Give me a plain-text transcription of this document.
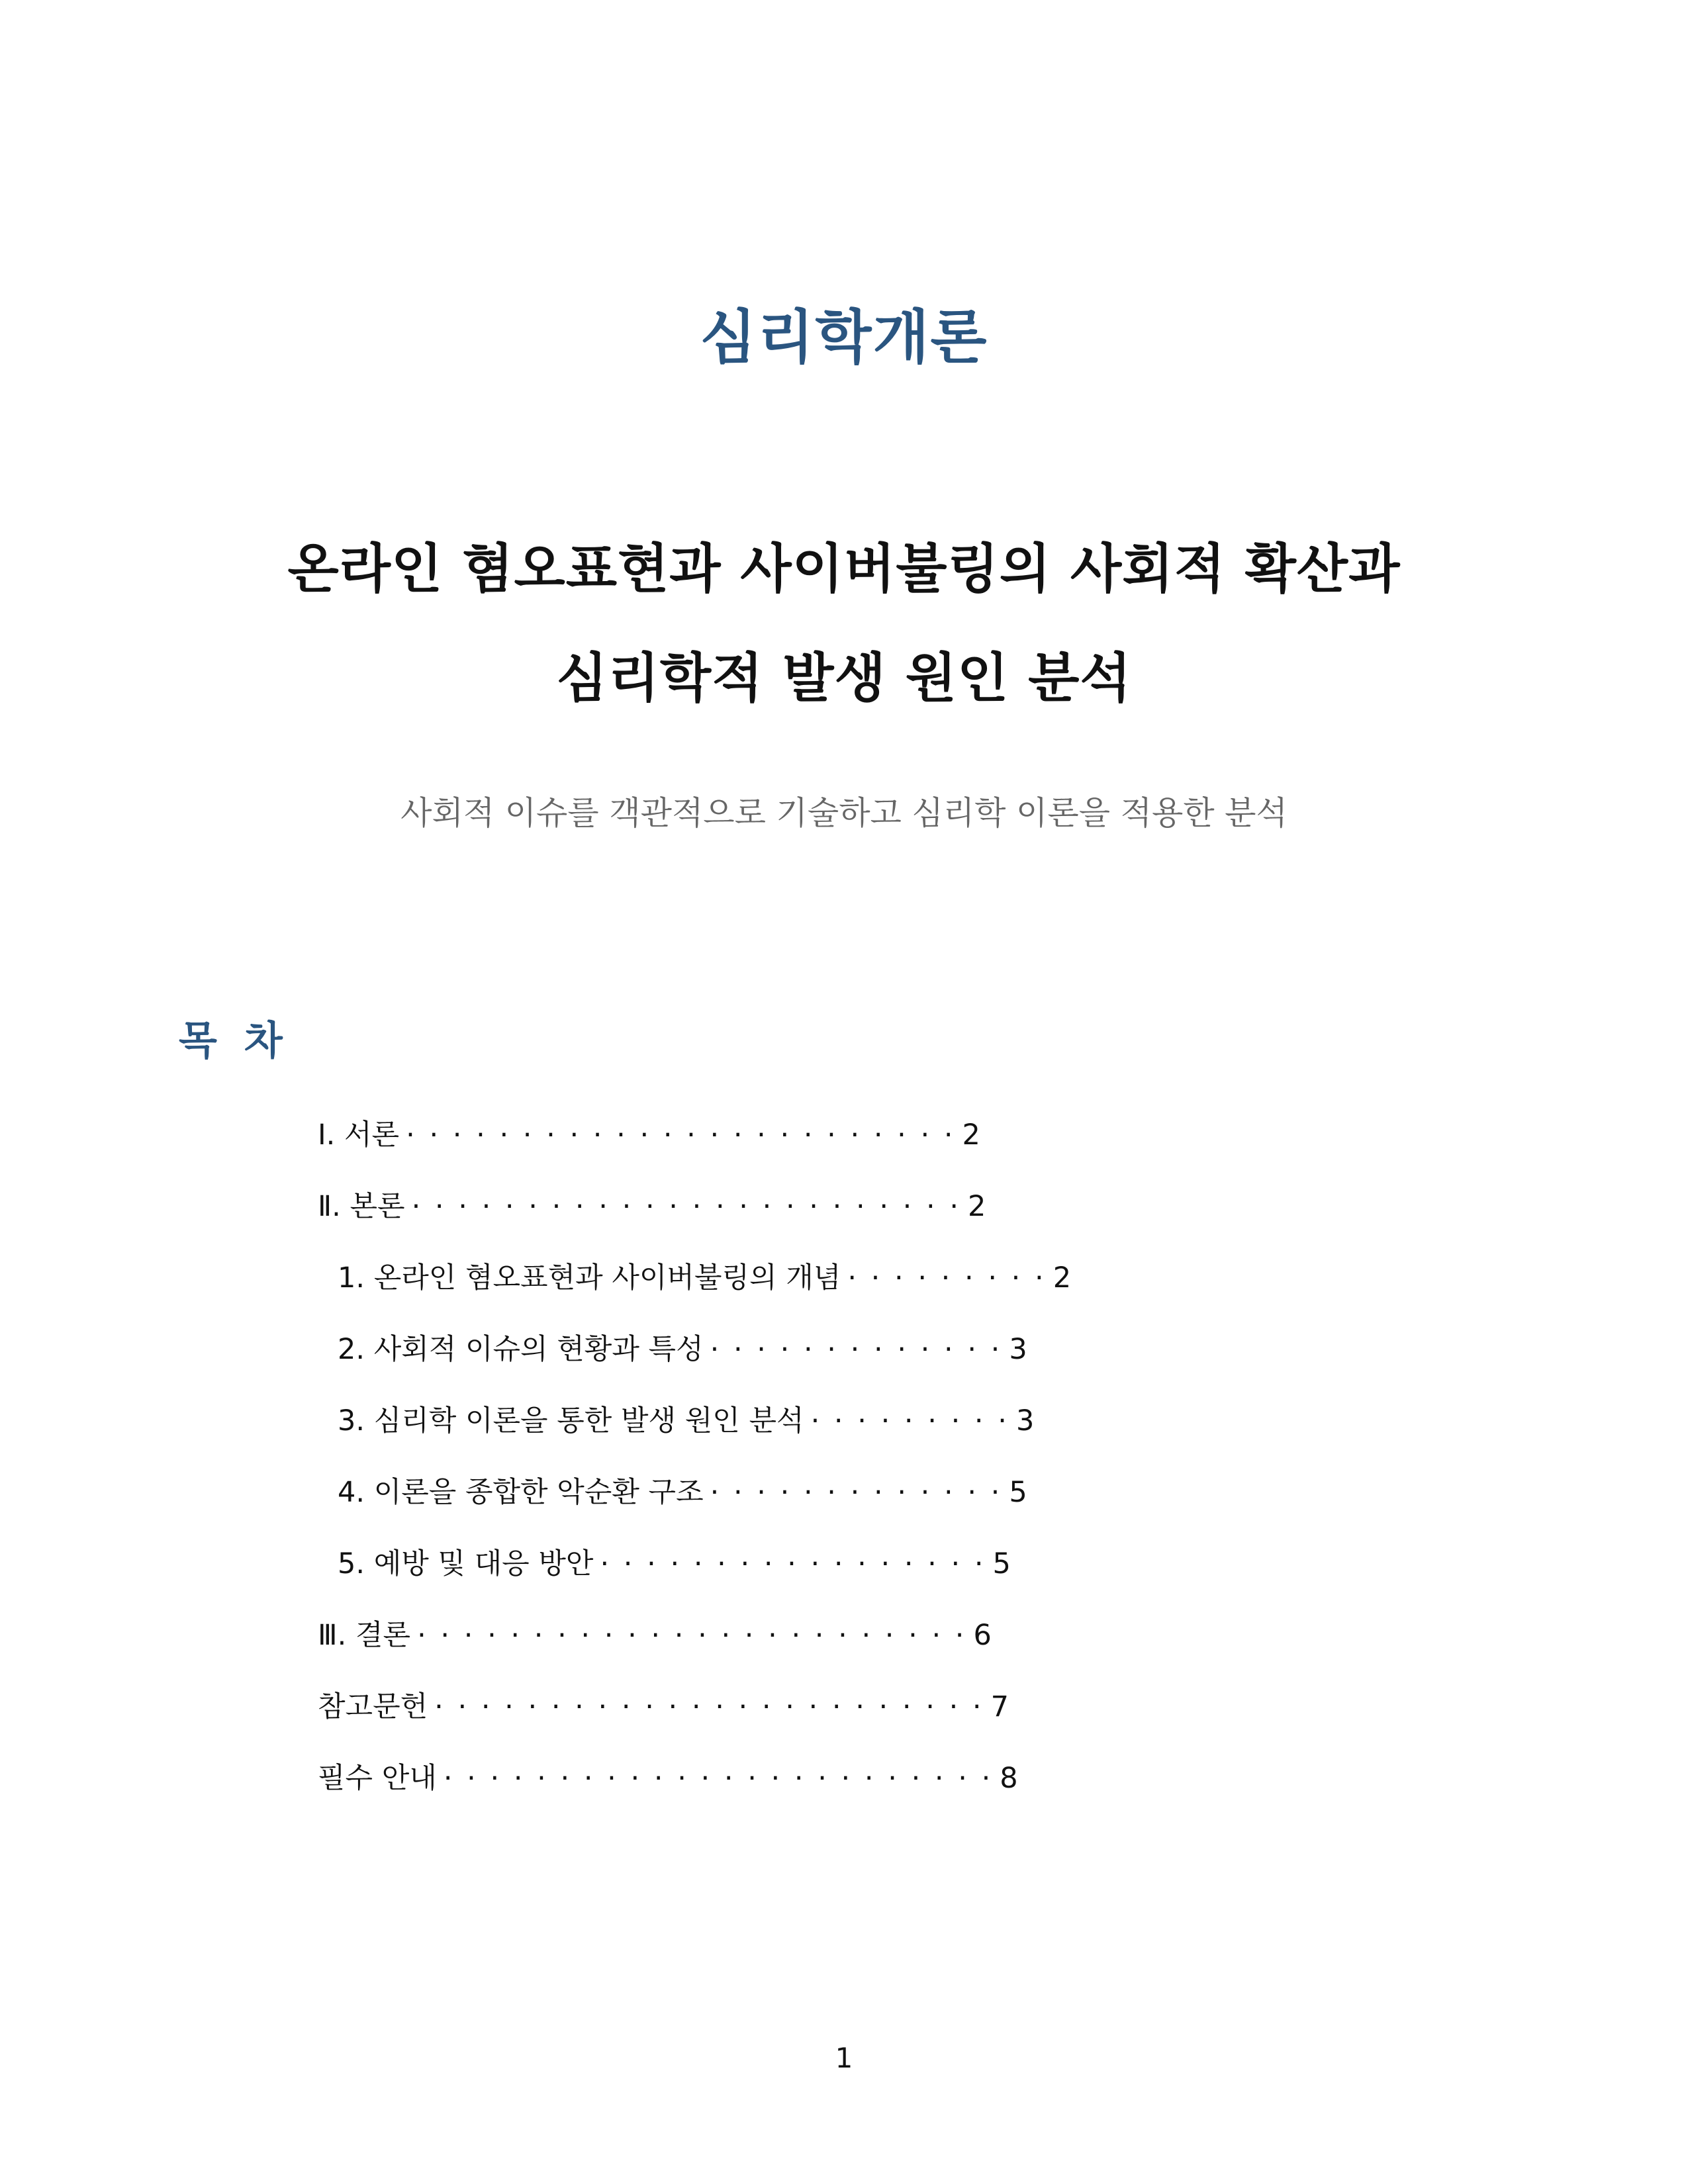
심리학개론
온라인 혐오표현과 사이버불링의 사회적 확산과
심리학적 발생 원인 분석
사회적 이슈를 객관적으로 기술하고 심리학 이론을 적용한 분석
목 차
Ⅰ. 서론 · · · · · · · · · · · · · · · · · · · · · · · · 2
Ⅱ. 본론 · · · · · · · · · · · · · · · · · · · · · · · · 2
1. 온라인 혐오표현과 사이버불링의 개념 · · · · · · · · · 2
2. 사회적 이슈의 현황과 특성 · · · · · · · · · · · · · 3
3. 심리학 이론을 통한 발생 원인 분석 · · · · · · · · · 3
4. 이론을 종합한 악순환 구조 · · · · · · · · · · · · · 5
5. 예방 및 대응 방안 · · · · · · · · · · · · · · · · · 5
Ⅲ. 결론 · · · · · · · · · · · · · · · · · · · · · · · · 6
참고문헌 · · · · · · · · · · · · · · · · · · · · · · · · 7
필수 안내 · · · · · · · · · · · · · · · · · · · · · · · · 8
1
